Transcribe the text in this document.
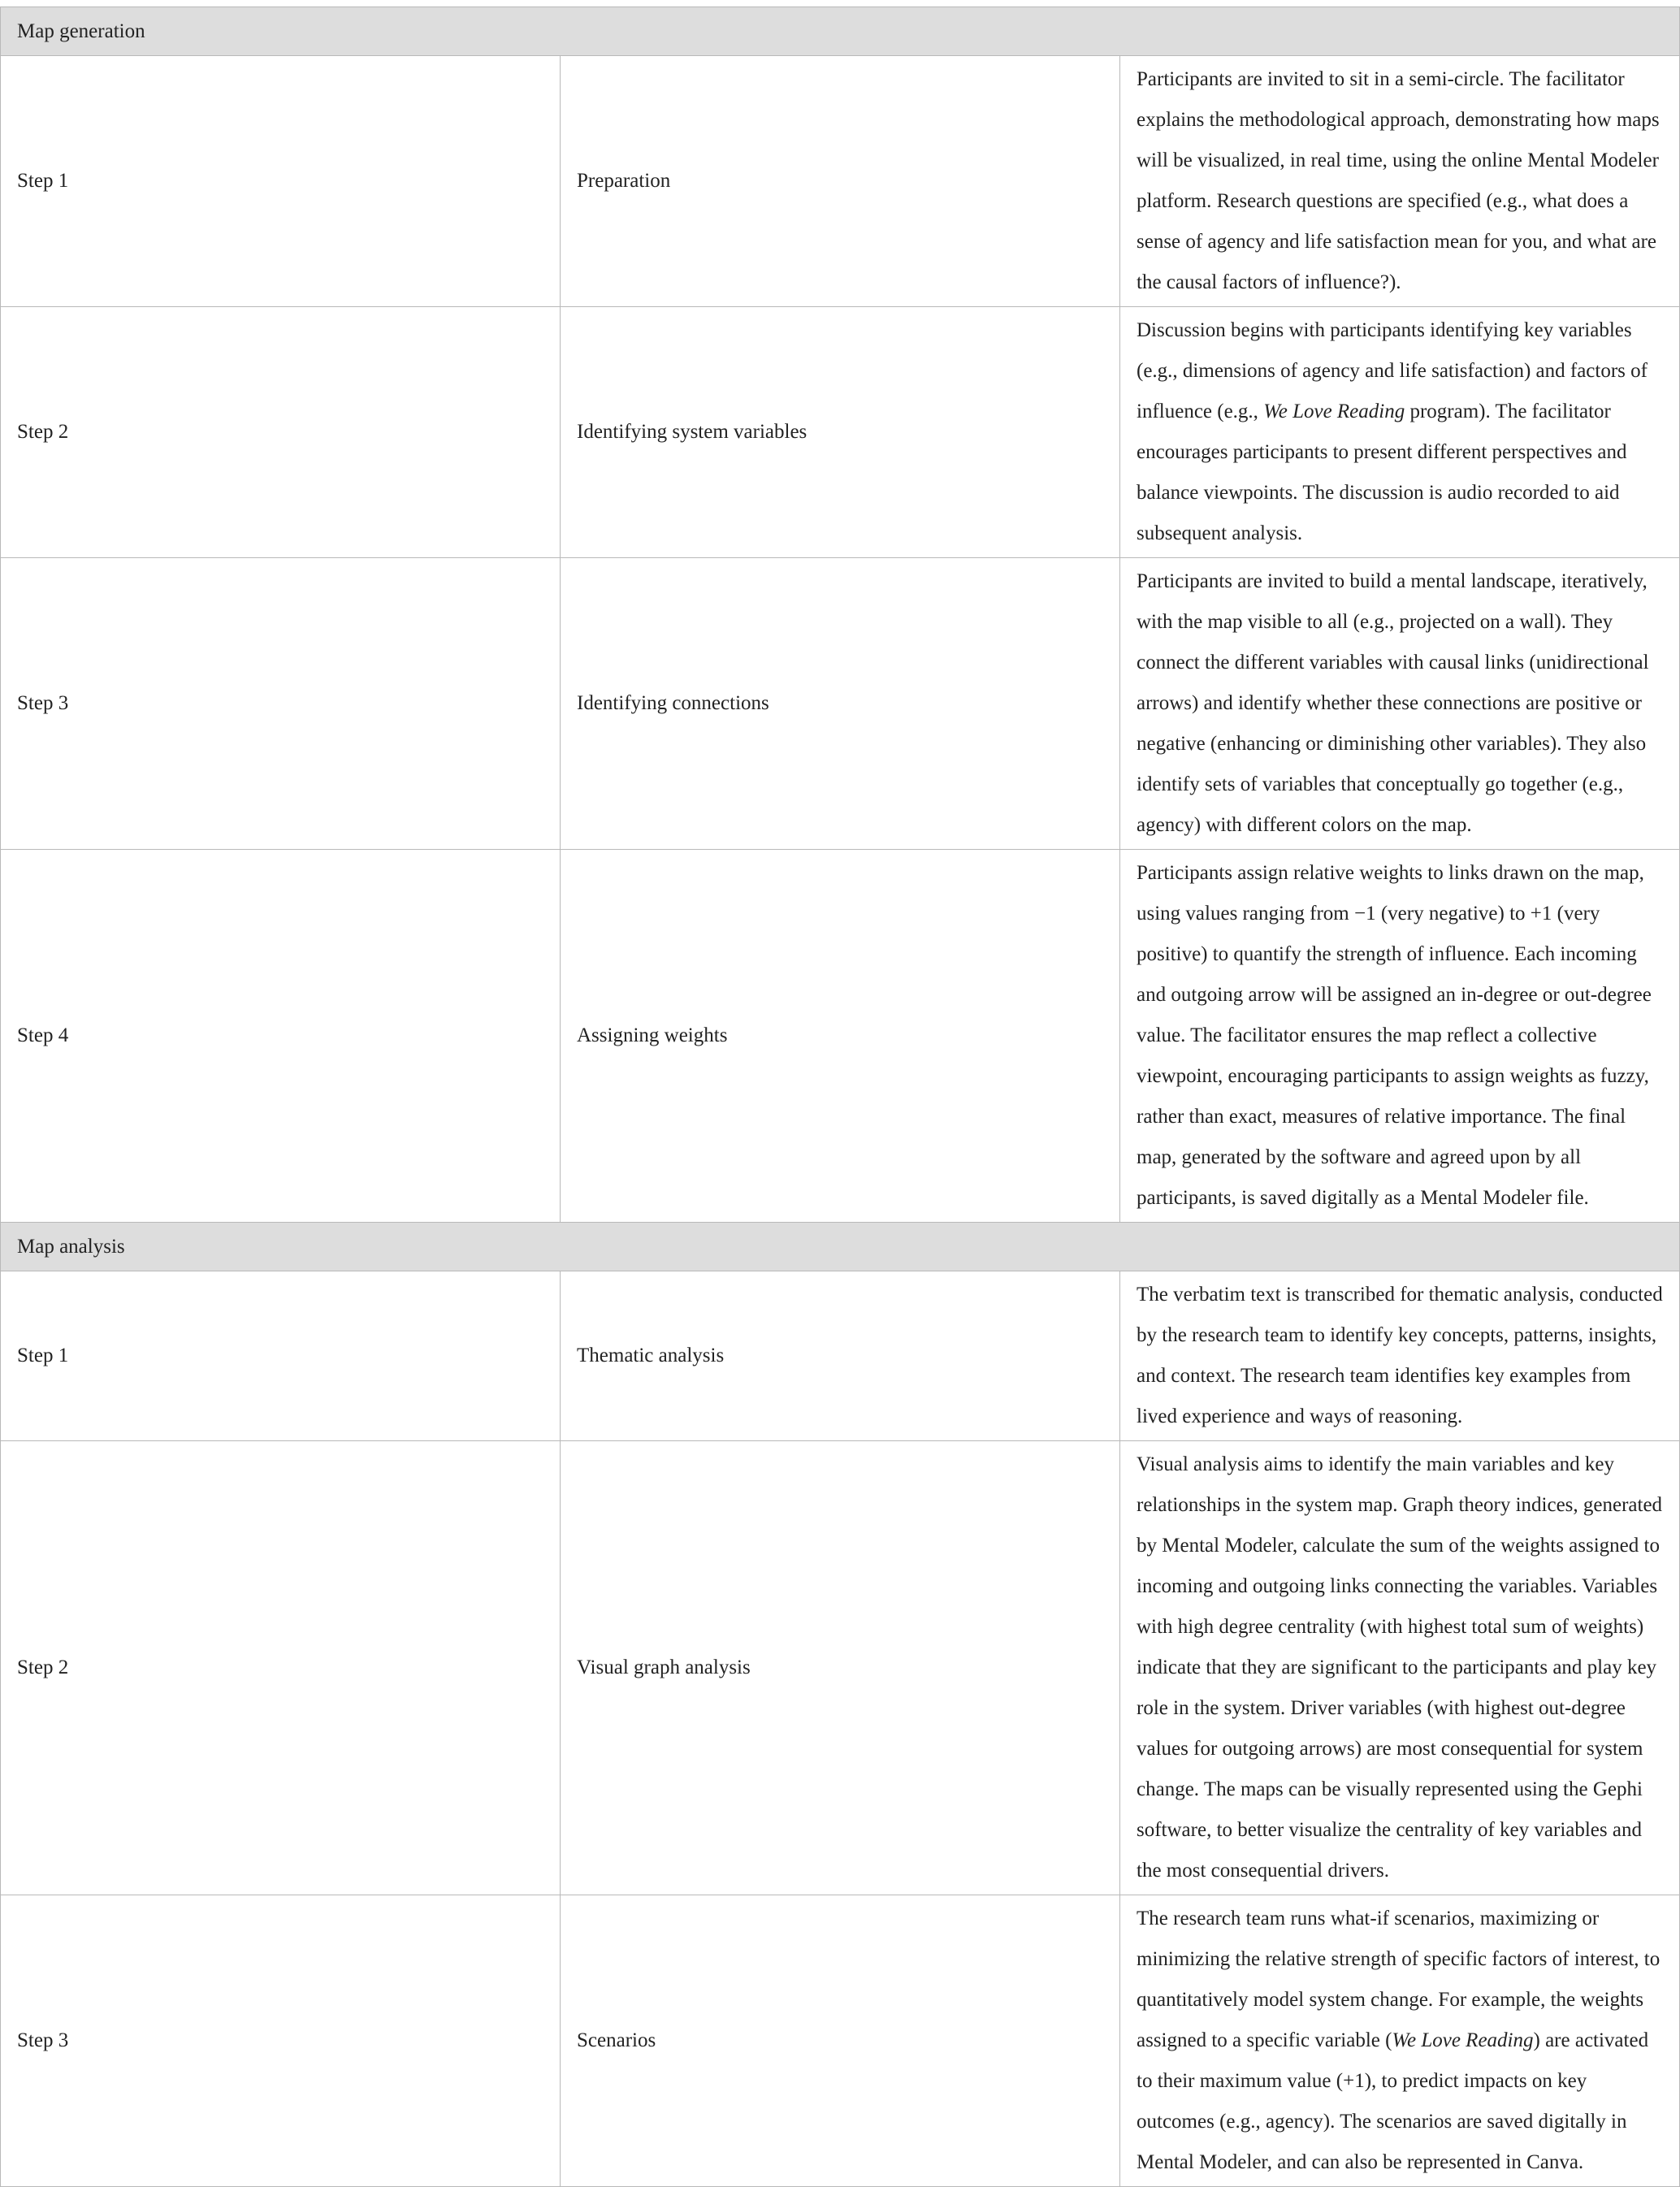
Map generation		
Step 1	Preparation	Participants are invited to sit in a semi-circle. The facilitator explains the methodological approach, demonstrating how maps will be visualized, in real time, using the online Mental Modeler platform. Research questions are specified (e.g., what does a sense of agency and life satisfaction mean for you, and what are the causal factors of influence?).
Step 2	Identifying system variables	Discussion begins with participants identifying key variables (e.g., dimensions of agency and life satisfaction) and factors of influence (e.g., We Love Reading program). The facilitator encourages participants to present different perspectives and balance viewpoints. The discussion is audio recorded to aid subsequent analysis.
Step 3	Identifying connections	Participants are invited to build a mental landscape, iteratively, with the map visible to all (e.g., projected on a wall). They connect the different variables with causal links (unidirectional arrows) and identify whether these connections are positive or negative (enhancing or diminishing other variables). They also identify sets of variables that conceptually go together (e.g., agency) with different colors on the map.
Step 4	Assigning weights	Participants assign relative weights to links drawn on the map, using values ranging from −1 (very negative) to +1 (very positive) to quantify the strength of influence. Each incoming and outgoing arrow will be assigned an in-degree or out-degree value. The facilitator ensures the map reflect a collective viewpoint, encouraging participants to assign weights as fuzzy, rather than exact, measures of relative importance. The final map, generated by the software and agreed upon by all participants, is saved digitally as a Mental Modeler file.
Map analysis		
Step 1	Thematic analysis	The verbatim text is transcribed for thematic analysis, conducted by the research team to identify key concepts, patterns, insights, and context. The research team identifies key examples from lived experience and ways of reasoning.
Step 2	Visual graph analysis	Visual analysis aims to identify the main variables and key relationships in the system map. Graph theory indices, generated by Mental Modeler, calculate the sum of the weights assigned to incoming and outgoing links connecting the variables. Variables with high degree centrality (with highest total sum of weights) indicate that they are significant to the participants and play key role in the system. Driver variables (with highest out-degree values for outgoing arrows) are most consequential for system change. The maps can be visually represented using the Gephi software, to better visualize the centrality of key variables and the most consequential drivers.
Step 3	Scenarios	The research team runs what-if scenarios, maximizing or minimizing the relative strength of specific factors of interest, to quantitatively model system change. For example, the weights assigned to a specific variable (We Love Reading) are activated to their maximum value (+1), to predict impacts on key outcomes (e.g., agency). The scenarios are saved digitally in Mental Modeler, and can also be represented in Canva.
